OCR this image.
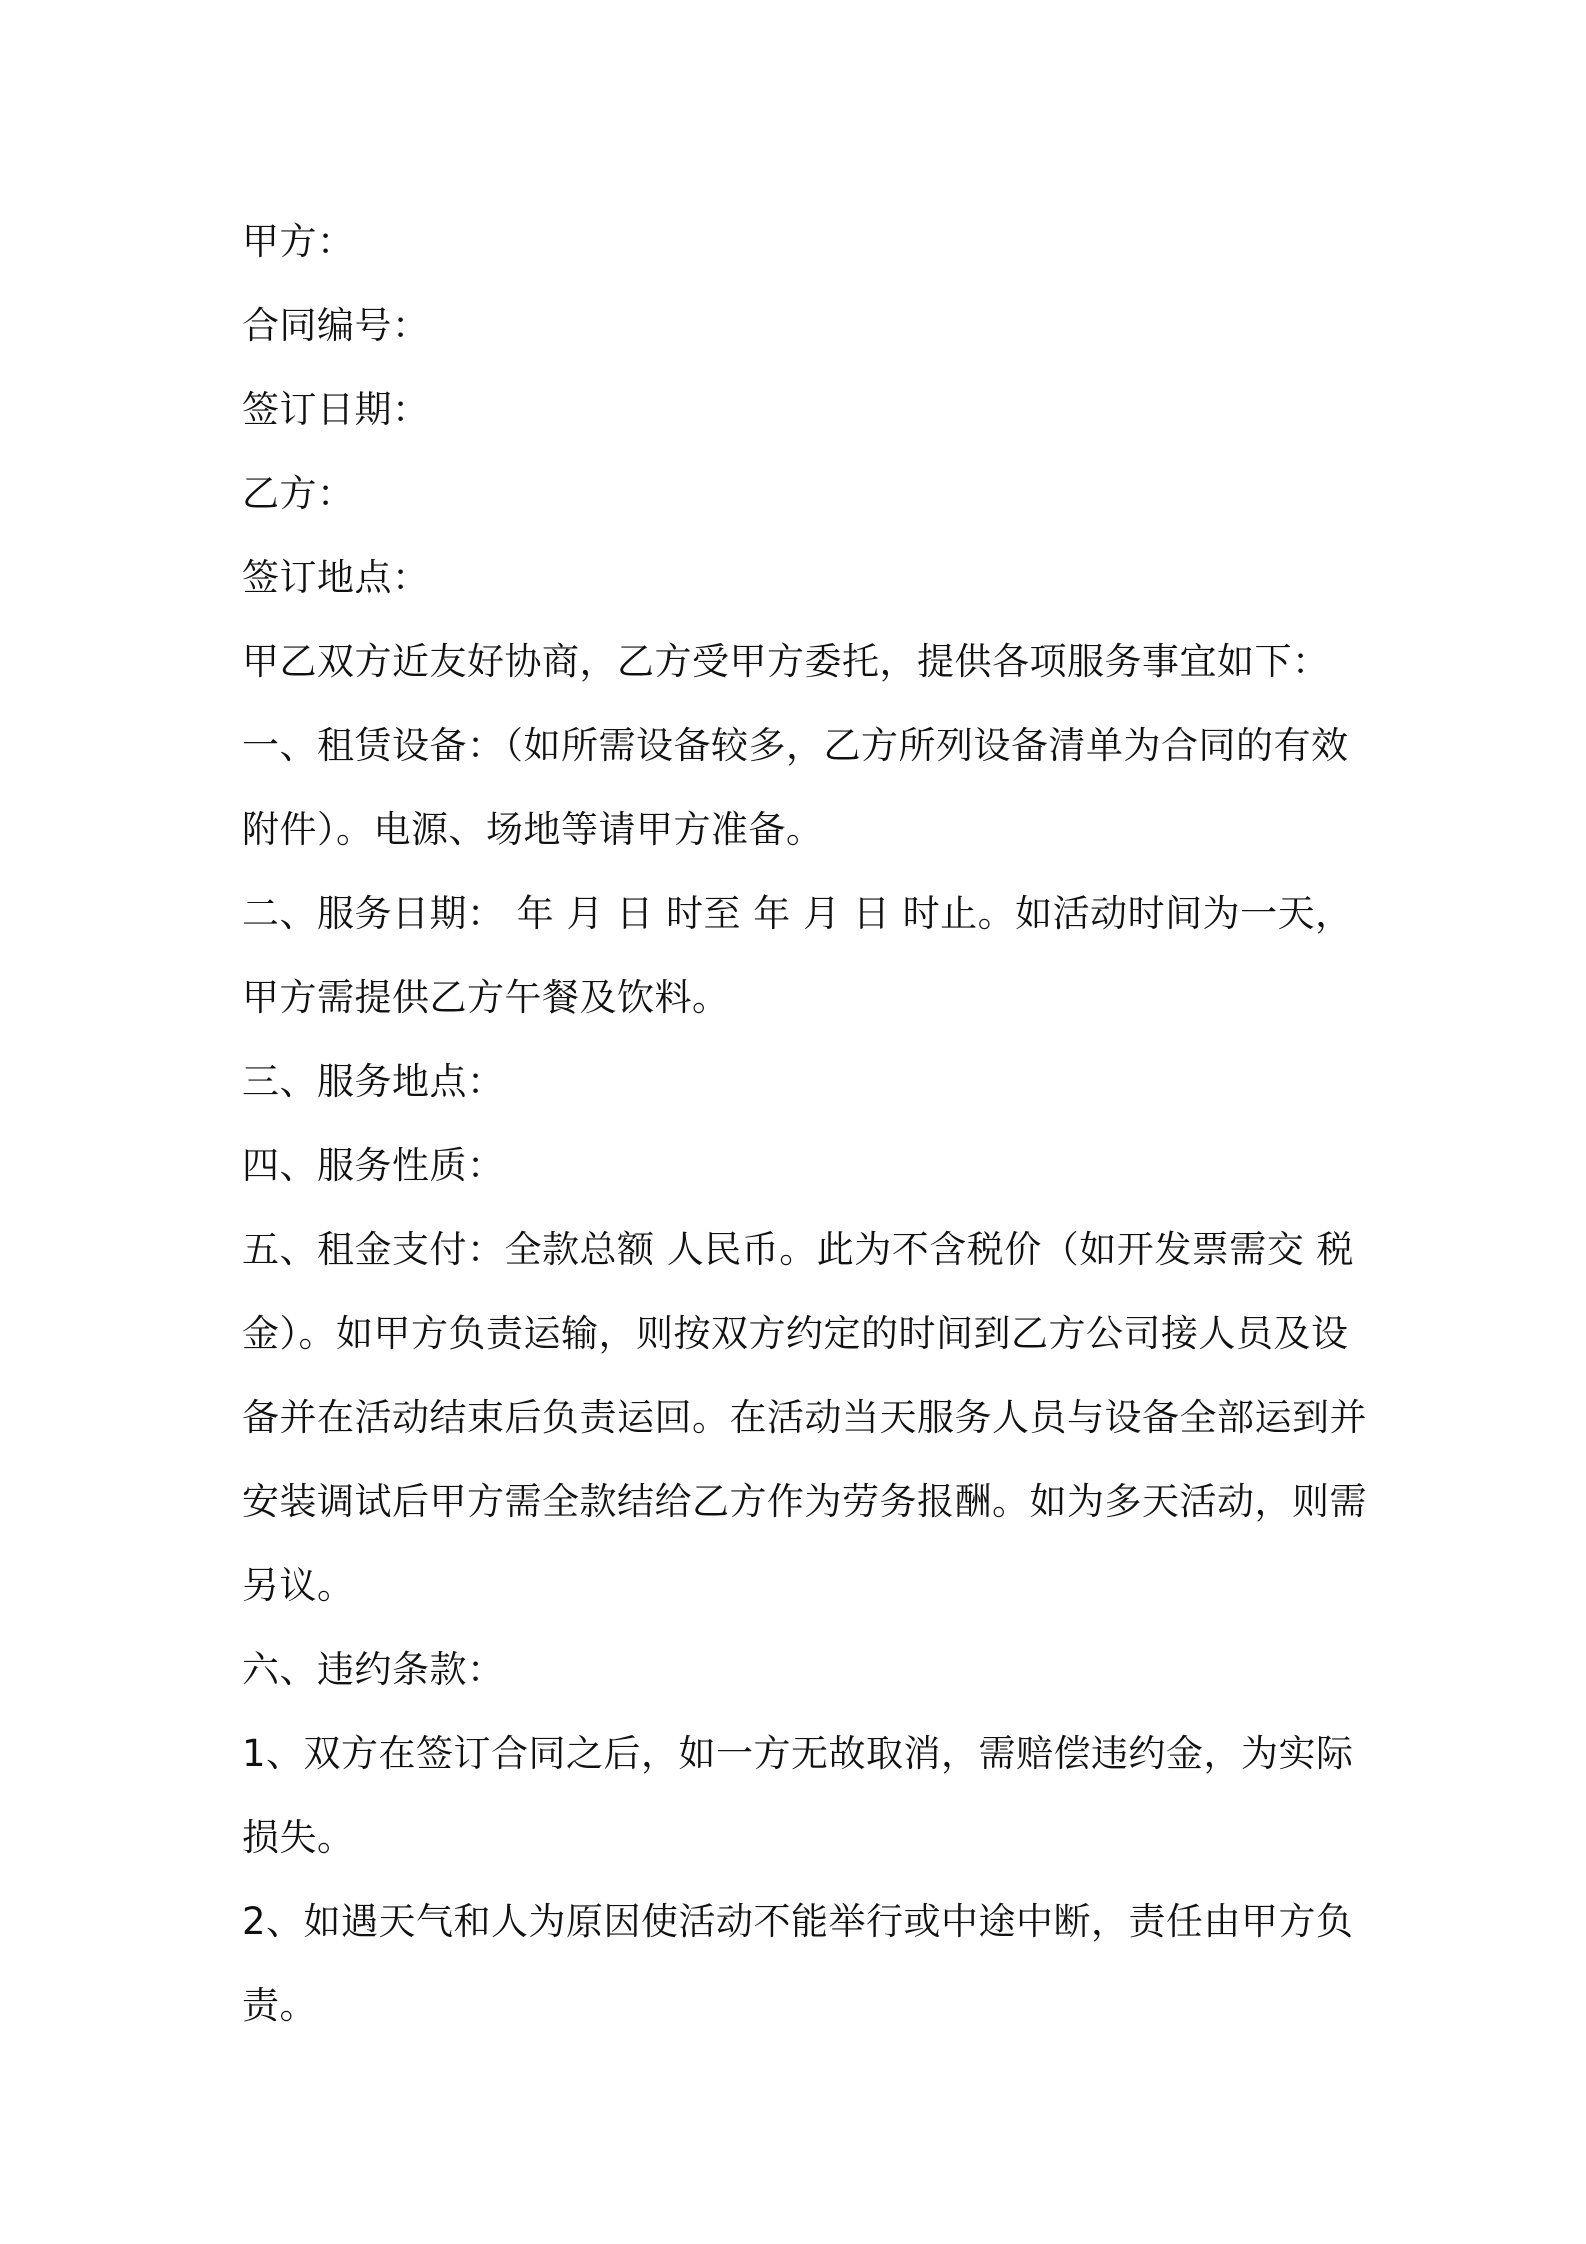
甲方：
合同编号：
签订日期：
乙方：
签订地点：
甲乙双方近友好协商，乙方受甲方委托，提供各项服务事宜如下：
一、租赁设备：（如所需设备较多，乙方所列设备清单为合同的有效
附件）。电源、场地等请甲方准备。
二、服务日期： 年 月 日 时至 年 月 日 时止。如活动时间为一天，
甲方需提供乙方午餐及饮料。
三、服务地点：
四、服务性质：
五、租金支付：全款总额 人民币。此为不含税价（如开发票需交 税
金）。如甲方负责运输，则按双方约定的时间到乙方公司接人员及设
备并在活动结束后负责运回。在活动当天服务人员与设备全部运到并
安装调试后甲方需全款结给乙方作为劳务报酬。如为多天活动，则需
另议。
六、违约条款：
1、双方在签订合同之后，如一方无故取消，需赔偿违约金，为实际
损失。
2、如遇天气和人为原因使活动不能举行或中途中断，责任由甲方负
责。
